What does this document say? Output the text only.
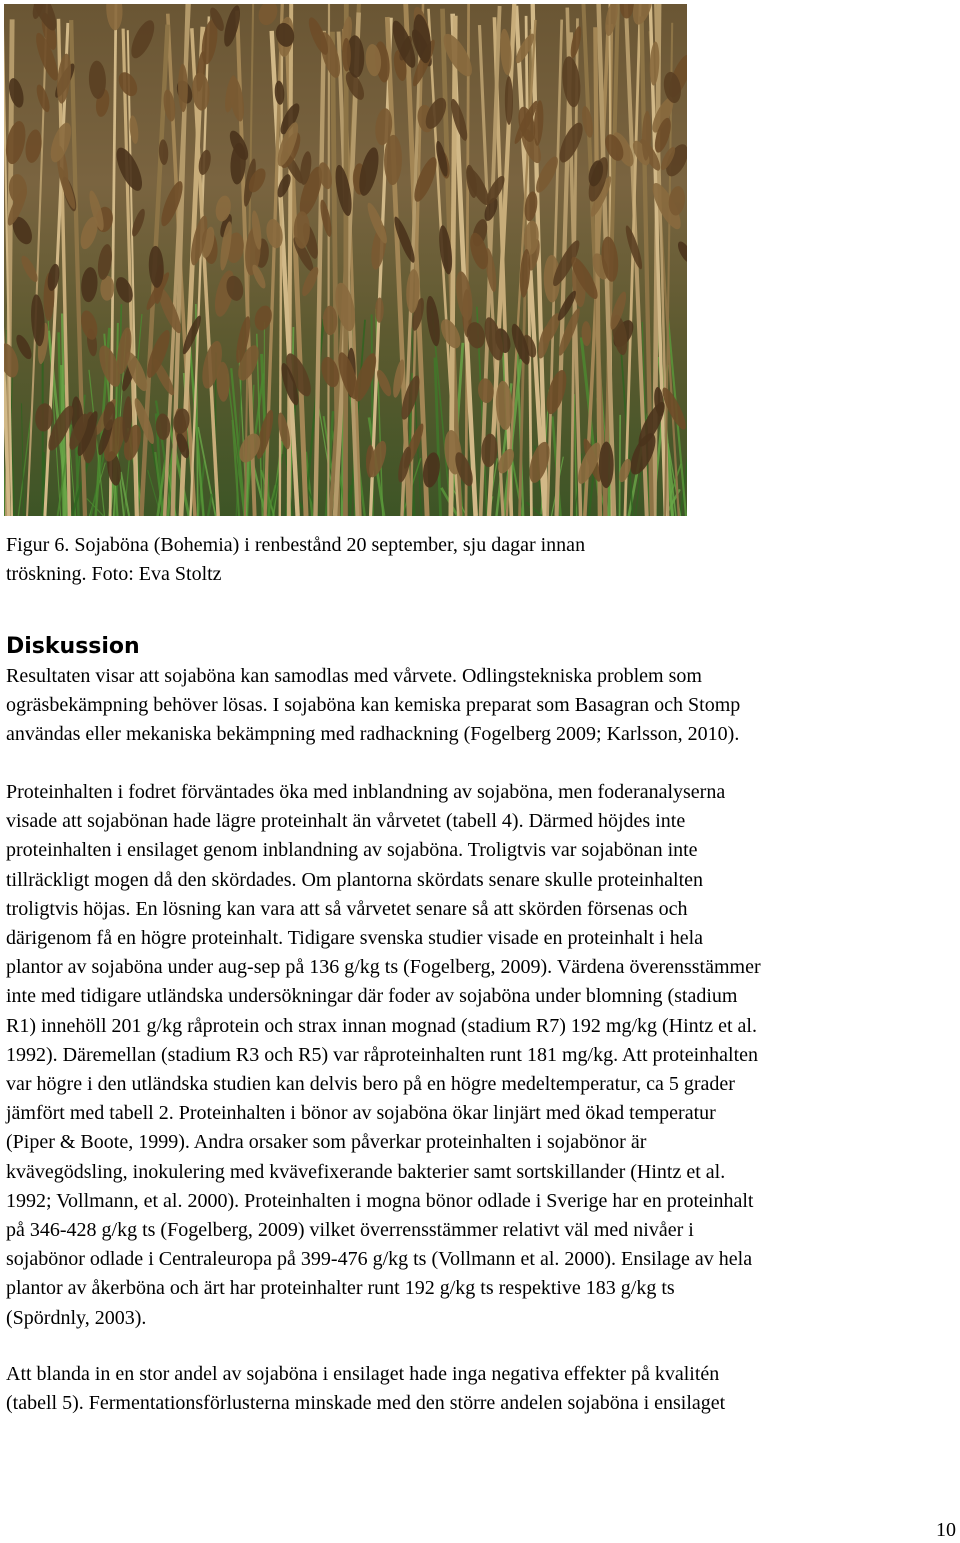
Figur 6. Sojaböna (Bohemia) i renbestånd 20 september, sju dagar innan
tröskning. Foto: Eva Stoltz
Diskussion
Resultaten visar att sojaböna kan samodlas med vårvete. Odlingstekniska problem som
ogräsbekämpning behöver lösas. I sojaböna kan kemiska preparat som Basagran och Stomp
användas eller mekaniska bekämpning med radhackning (Fogelberg 2009; Karlsson, 2010).
Proteinhalten i fodret förväntades öka med inblandning av sojaböna, men foderanalyserna
visade att sojabönan hade lägre proteinhalt än vårvetet (tabell 4). Därmed höjdes inte
proteinhalten i ensilaget genom inblandning av sojaböna. Troligtvis var sojabönan inte
tillräckligt mogen då den skördades. Om plantorna skördats senare skulle proteinhalten
troligtvis höjas. En lösning kan vara att så vårvetet senare så att skörden försenas och
därigenom få en högre proteinhalt. Tidigare svenska studier visade en proteinhalt i hela
plantor av sojaböna under aug-sep på 136 g/kg ts (Fogelberg, 2009). Värdena överensstämmer
inte med tidigare utländska undersökningar där foder av sojaböna under blomning (stadium
R1) innehöll 201 g/kg råprotein och strax innan mognad (stadium R7) 192 mg/kg (Hintz et al.
1992). Däremellan (stadium R3 och R5) var råproteinhalten runt 181 mg/kg. Att proteinhalten
var högre i den utländska studien kan delvis bero på en högre medeltemperatur, ca 5 grader
jämfört med tabell 2. Proteinhalten i bönor av sojaböna ökar linjärt med ökad temperatur
(Piper & Boote, 1999). Andra orsaker som påverkar proteinhalten i sojabönor är
kvävegödsling, inokulering med kvävefixerande bakterier samt sortskillander (Hintz et al.
1992; Vollmann, et al. 2000). Proteinhalten i mogna bönor odlade i Sverige har en proteinhalt
på 346-428 g/kg ts (Fogelberg, 2009) vilket överrensstämmer relativt väl med nivåer i
sojabönor odlade i Centraleuropa på 399-476 g/kg ts (Vollmann et al. 2000). Ensilage av hela
plantor av åkerböna och ärt har proteinhalter runt 192 g/kg ts respektive 183 g/kg ts
(Spördnly, 2003).
Att blanda in en stor andel av sojaböna i ensilaget hade inga negativa effekter på kvalitén
(tabell 5). Fermentationsförlusterna minskade med den större andelen sojaböna i ensilaget
10
